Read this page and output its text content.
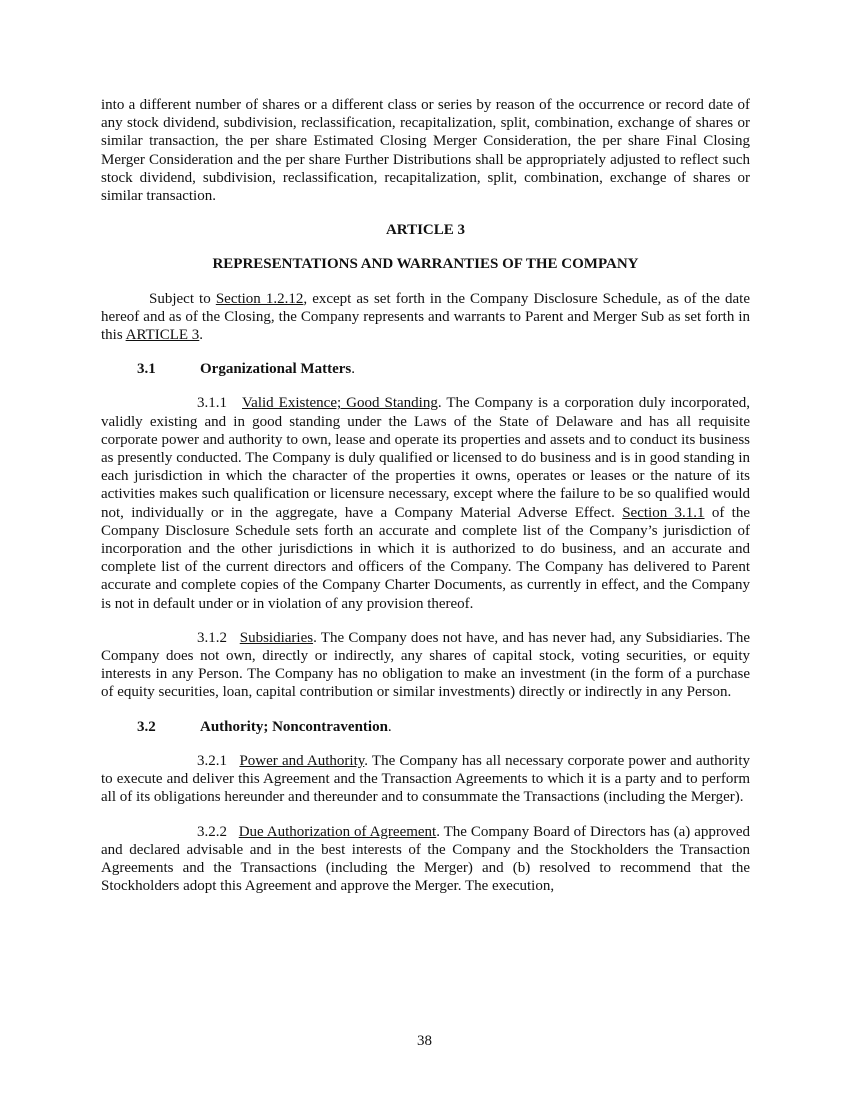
into a different number of shares or a different class or series by reason of the occurrence or record date of any stock dividend, subdivision, reclassification, recapitalization, split, combination, exchange of shares or similar transaction, the per share Estimated Closing Merger Consideration, the per share Final Closing Merger Consideration and the per share Further Distributions shall be appropriately adjusted to reflect such stock dividend, subdivision, reclassification, recapitalization, split, combination, exchange of shares or similar transaction.

ARTICLE 3

REPRESENTATIONS AND WARRANTIES OF THE COMPANY

Subject to Section 1.2.12, except as set forth in the Company Disclosure Schedule, as of the date hereof and as of the Closing, the Company represents and warrants to Parent and Merger Sub as set forth in this ARTICLE 3.

3.1	Organizational Matters.

3.1.1 Valid Existence; Good Standing. The Company is a corporation duly incorporated, validly existing and in good standing under the Laws of the State of Delaware and has all requisite corporate power and authority to own, lease and operate its properties and assets and to conduct its business as presently conducted. The Company is duly qualified or licensed to do business and is in good standing in each jurisdiction in which the character of the properties it owns, operates or leases or the nature of its activities makes such qualification or licensure necessary, except where the failure to be so qualified would not, individually or in the aggregate, have a Company Material Adverse Effect. Section 3.1.1 of the Company Disclosure Schedule sets forth an accurate and complete list of the Company’s jurisdiction of incorporation and the other jurisdictions in which it is authorized to do business, and an accurate and complete list of the current directors and officers of the Company. The Company has delivered to Parent accurate and complete copies of the Company Charter Documents, as currently in effect, and the Company is not in default under or in violation of any provision thereof.

3.1.2 Subsidiaries. The Company does not have, and has never had, any Subsidiaries. The Company does not own, directly or indirectly, any shares of capital stock, voting securities, or equity interests in any Person. The Company has no obligation to make an investment (in the form of a purchase of equity securities, loan, capital contribution or similar investments) directly or indirectly in any Person.

3.2	Authority; Noncontravention.

3.2.1 Power and Authority. The Company has all necessary corporate power and authority to execute and deliver this Agreement and the Transaction Agreements to which it is a party and to perform all of its obligations hereunder and thereunder and to consummate the Transactions (including the Merger).

3.2.2 Due Authorization of Agreement. The Company Board of Directors has (a) approved and declared advisable and in the best interests of the Company and the Stockholders the Transaction Agreements and the Transactions (including the Merger) and (b) resolved to recommend that the Stockholders adopt this Agreement and approve the Merger. The execution,

38
